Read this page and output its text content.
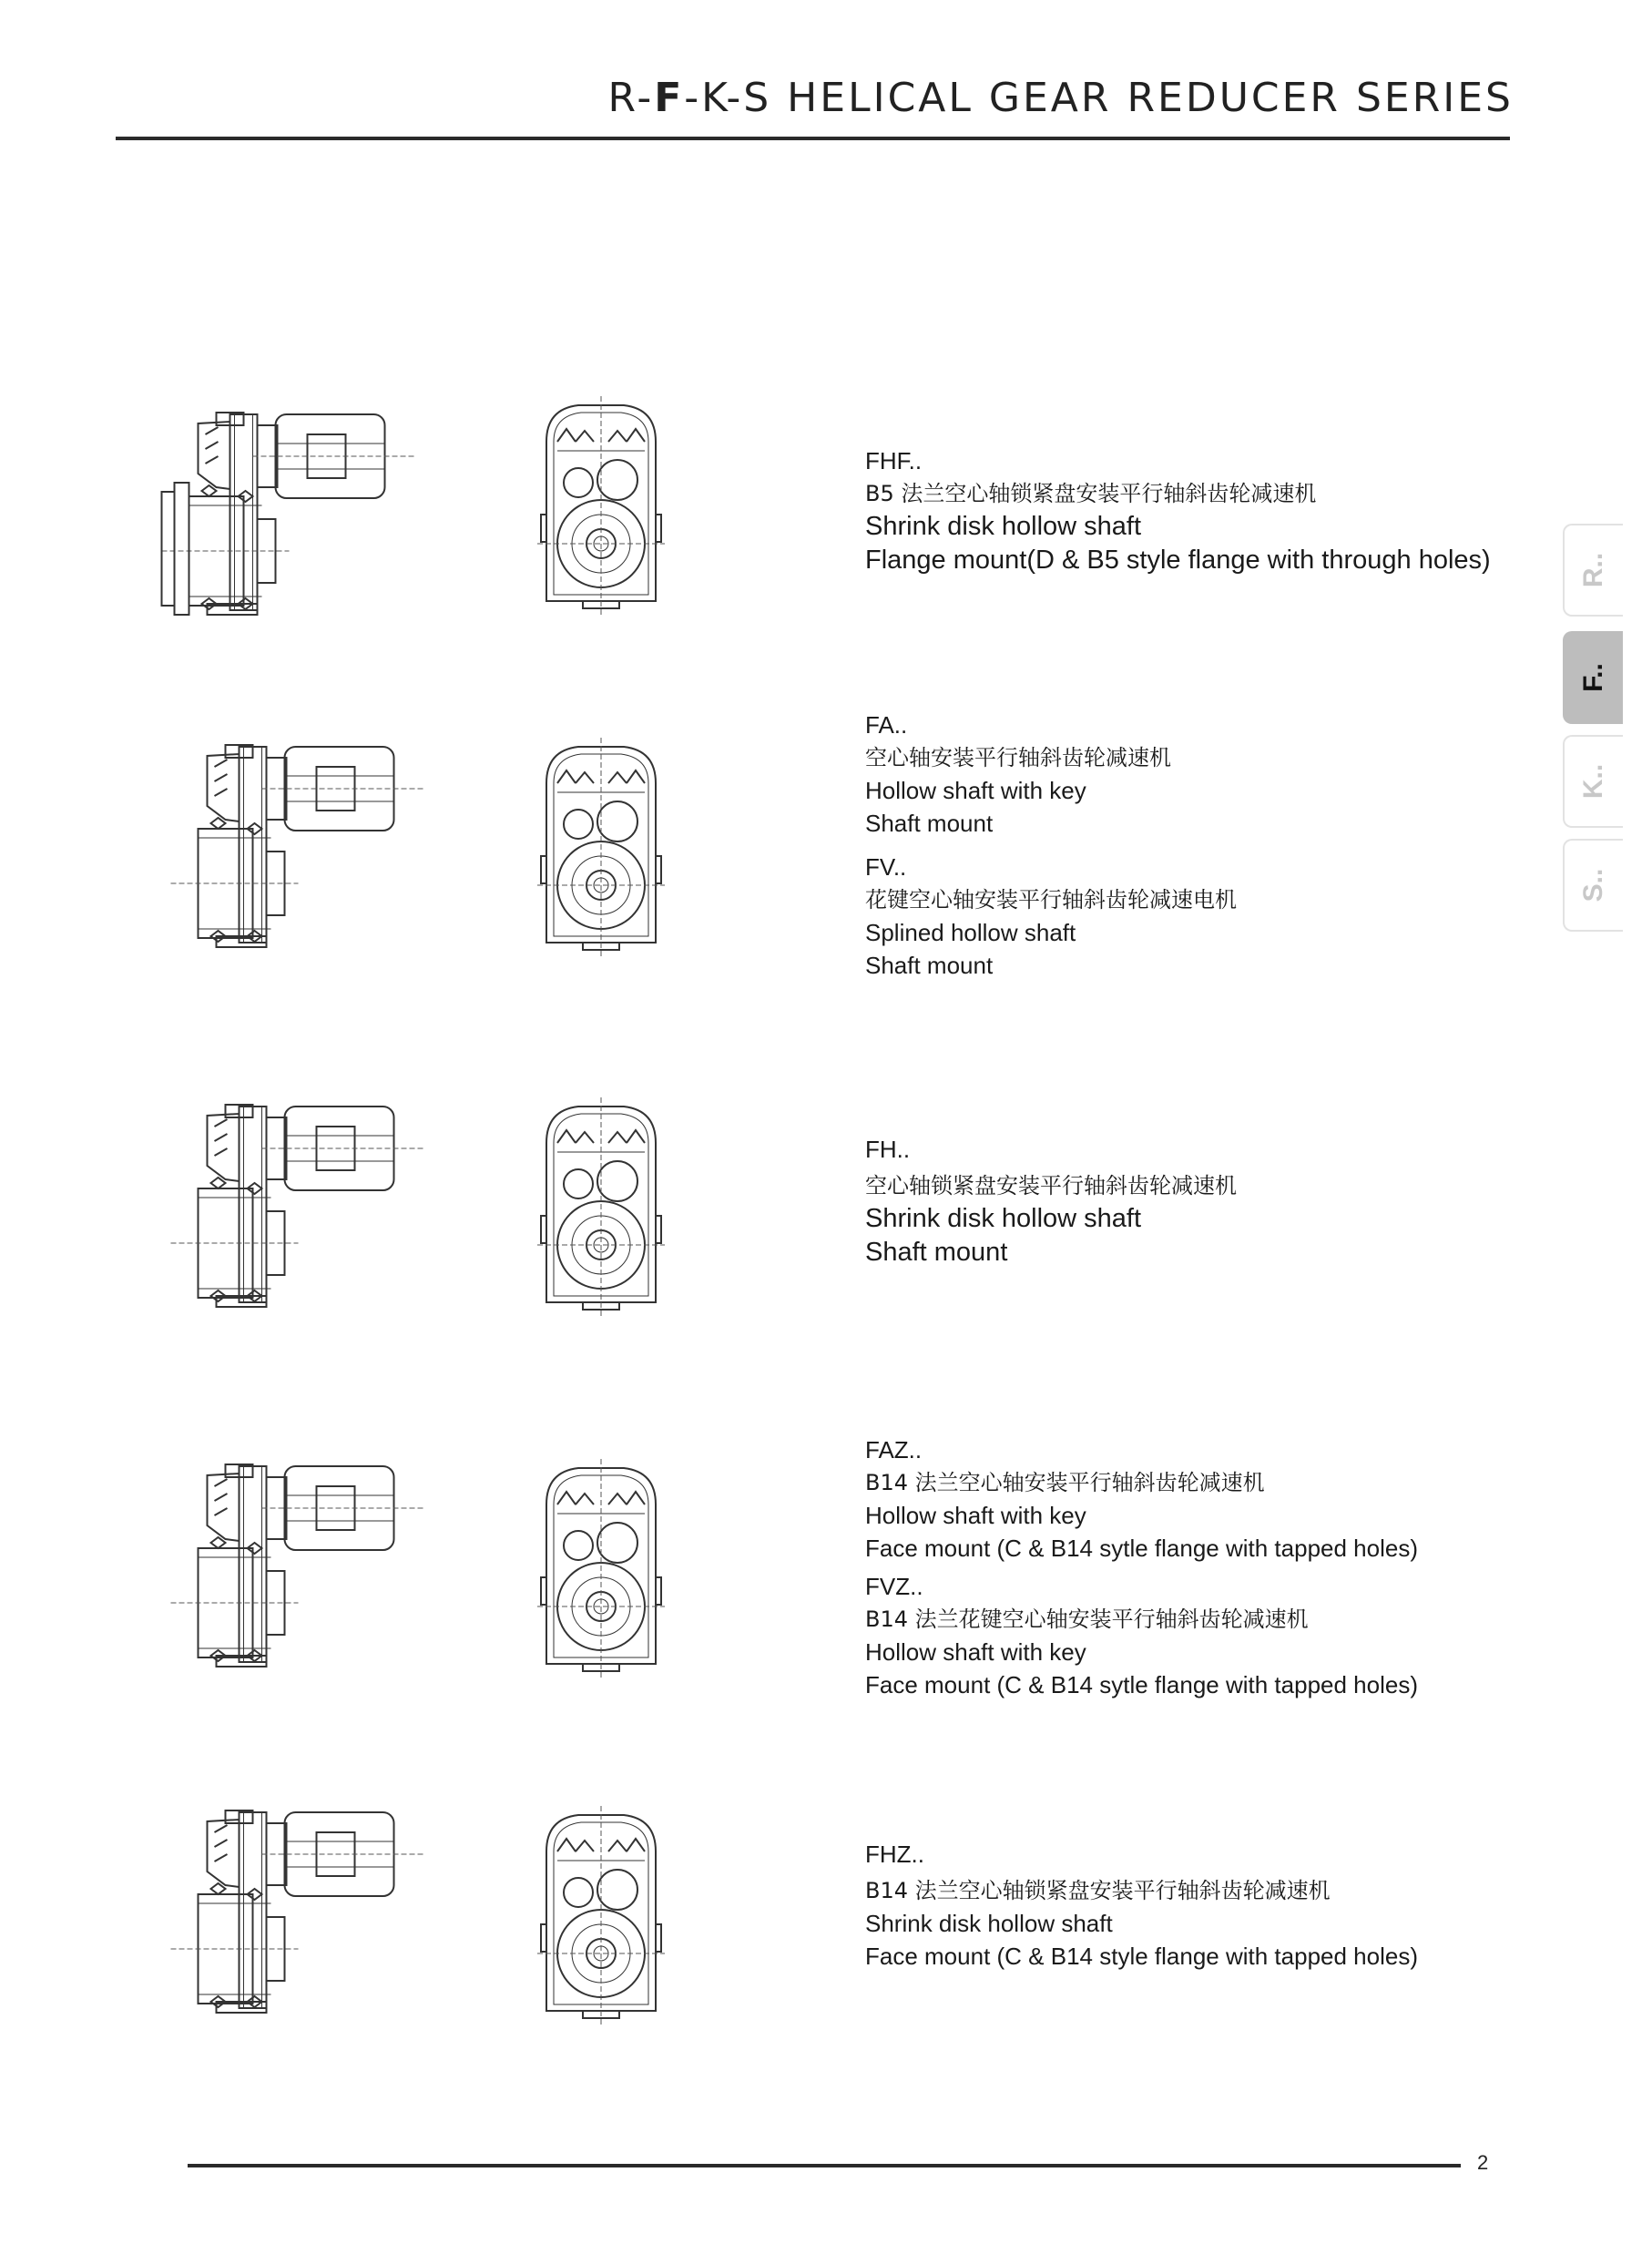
R-F-K-S HELICAL GEAR REDUCER SERIES
R..
F..
K..
S..
FHF..
B5 法兰空心轴锁紧盘安装平行轴斜齿轮减速机
Shrink disk hollow shaft
Flange mount(D & B5 style flange with through holes)
FA..
空心轴安装平行轴斜齿轮减速机
Hollow shaft with key
Shaft mount
FV..
花键空心轴安装平行轴斜齿轮减速电机
Splined hollow shaft
Shaft mount
FH..
空心轴锁紧盘安装平行轴斜齿轮减速机
Shrink disk hollow shaft
Shaft mount
FAZ..
B14 法兰空心轴安装平行轴斜齿轮减速机
Hollow shaft with key
Face mount (C & B14 sytle flange with tapped holes)
FVZ..
B14 法兰花键空心轴安装平行轴斜齿轮减速机
Hollow shaft with key
Face mount (C & B14 sytle flange with tapped holes)
FHZ..
B14 法兰空心轴锁紧盘安装平行轴斜齿轮减速机
Shrink disk hollow shaft
Face mount (C & B14 style flange with tapped holes)
2
